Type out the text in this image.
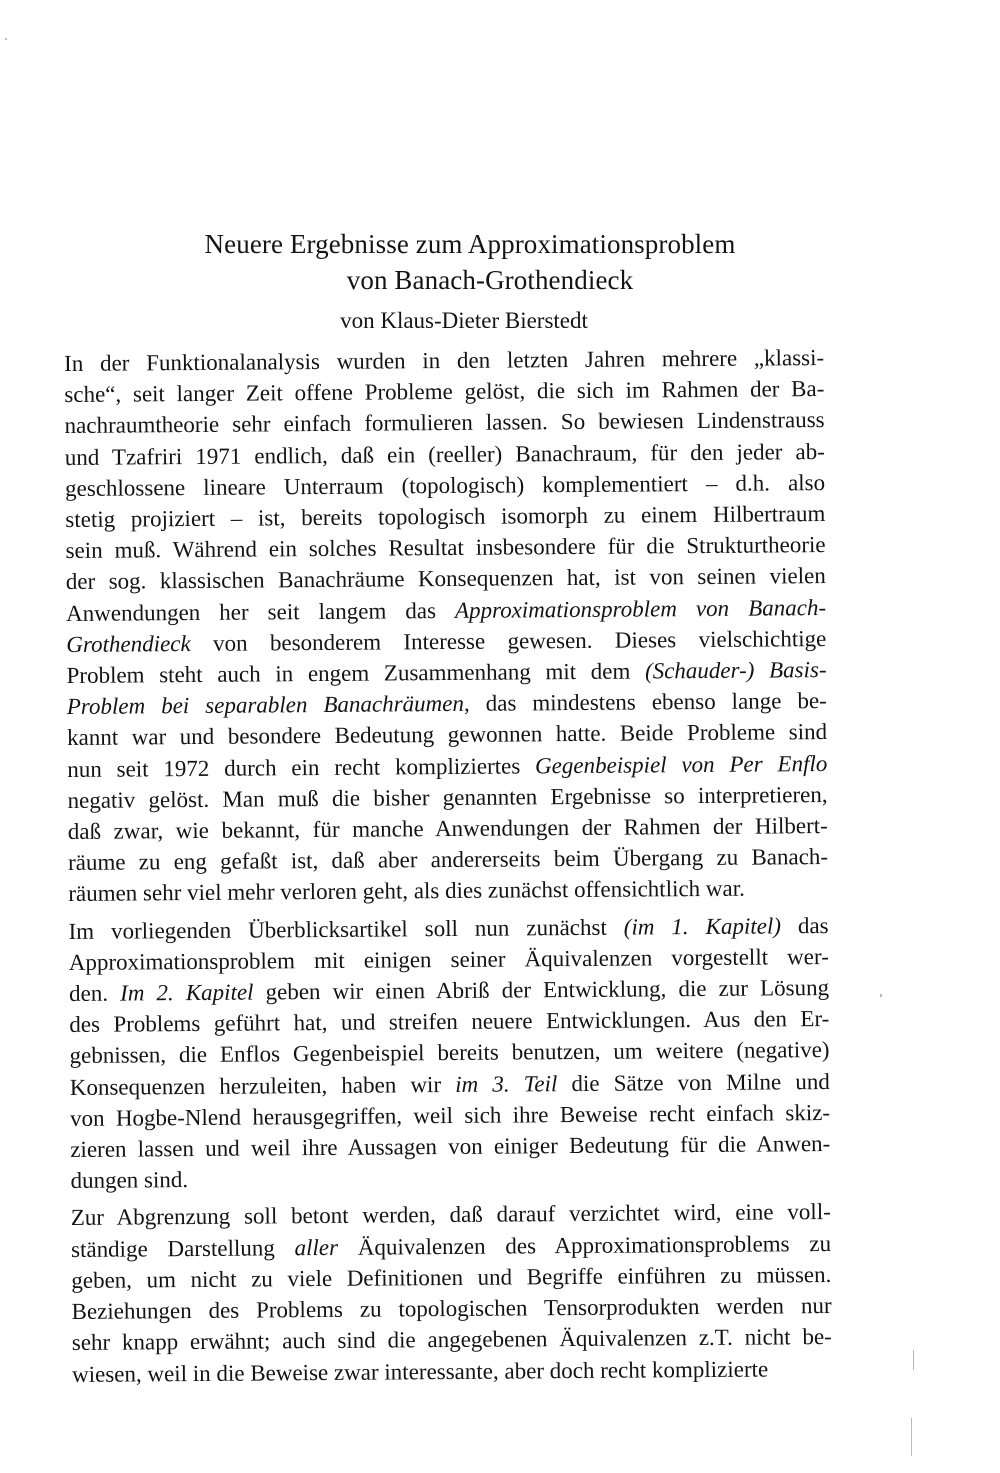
Neuere Ergebnisse zum Approximationsproblem
von Banach-Grothendieck
von Klaus-Dieter Bierstedt
In der Funktionalanalysis wurden in den letzten Jahren mehrere „klassi-
sche“, seit langer Zeit offene Probleme gelöst, die sich im Rahmen der Ba-
nachraumtheorie sehr einfach formulieren lassen. So bewiesen Lindenstrauss
und Tzafriri 1971 endlich, daß ein (reeller) Banachraum, für den jeder ab-
geschlossene lineare Unterraum (topologisch) komplementiert – d.h. also
stetig projiziert – ist, bereits topologisch isomorph zu einem Hilbertraum
sein muß. Während ein solches Resultat insbesondere für die Strukturtheorie
der sog. klassischen Banachräume Konsequenzen hat, ist von seinen vielen
Anwendungen her seit langem das Approximationsproblem von Banach-
Grothendieck von besonderem Interesse gewesen. Dieses vielschichtige
Problem steht auch in engem Zusammenhang mit dem (Schauder-) Basis-
Problem bei separablen Banachräumen, das mindestens ebenso lange be-
kannt war und besondere Bedeutung gewonnen hatte. Beide Probleme sind
nun seit 1972 durch ein recht kompliziertes Gegenbeispiel von Per Enflo
negativ gelöst. Man muß die bisher genannten Ergebnisse so interpretieren,
daß zwar, wie bekannt, für manche Anwendungen der Rahmen der Hilbert-
räume zu eng gefaßt ist, daß aber andererseits beim Übergang zu Banach-
räumen sehr viel mehr verloren geht, als dies zunächst offensichtlich war.
Im vorliegenden Überblicksartikel soll nun zunächst (im 1. Kapitel) das
Approximationsproblem mit einigen seiner Äquivalenzen vorgestellt wer-
den. Im 2. Kapitel geben wir einen Abriß der Entwicklung, die zur Lösung
des Problems geführt hat, und streifen neuere Entwicklungen. Aus den Er-
gebnissen, die Enflos Gegenbeispiel bereits benutzen, um weitere (negative)
Konsequenzen herzuleiten, haben wir im 3. Teil die Sätze von Milne und
von Hogbe-Nlend herausgegriffen, weil sich ihre Beweise recht einfach skiz-
zieren lassen und weil ihre Aussagen von einiger Bedeutung für die Anwen-
dungen sind.
Zur Abgrenzung soll betont werden, daß darauf verzichtet wird, eine voll-
ständige Darstellung aller Äquivalenzen des Approximationsproblems zu
geben, um nicht zu viele Definitionen und Begriffe einführen zu müssen.
Beziehungen des Problems zu topologischen Tensorprodukten werden nur
sehr knapp erwähnt; auch sind die angegebenen Äquivalenzen z.T. nicht be-
wiesen, weil in die Beweise zwar interessante, aber doch recht komplizierte
